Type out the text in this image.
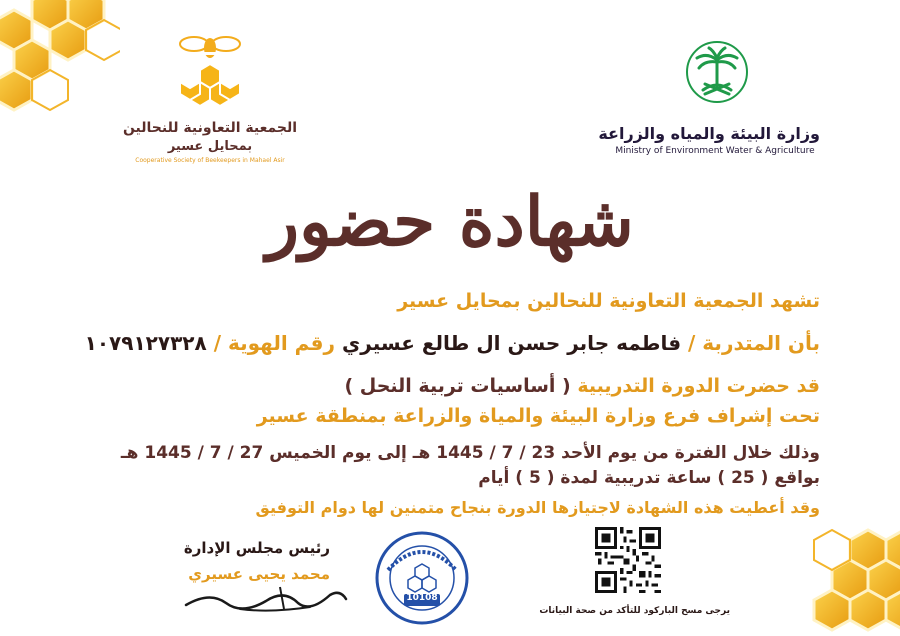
الجمعية التعاونية للنحالين
بمحايل عسير
Cooperative Society of Beekeepers in Mahael Asir
وزارة البيئة والمياه والزراعة
Ministry of Environment Water & Agriculture
شهادة حضور
تشهد الجمعية التعاونية للنحالين بمحايل عسير
بأن المتدربة / فاطمه جابر حسن ال طالع عسيري رقم الهوية / ١٠٧٩١٢٧٣٢٨
قد حضرت الدورة التدريبية ( أساسيات تربية النحل )
تحت إشراف فرع وزارة البيئة والمياة والزراعة بمنطقة عسير
وذلك خلال الفترة من يوم الأحد 23 / 7 / 1445 هـ إلى يوم الخميس 27 / 7 / 1445 هـ
بواقع ( 25 ) ساعة تدريبية لمدة ( 5 ) أيام
وقد أعطيت هذه الشهادة لاجتيازها الدورة بنجاح متمنين لها دوام التوفيق
رئيس مجلس الإدارة
محمد يحيى عسيري
10108
يرجى مسح الباركود للتأكد من صحة البيانات
